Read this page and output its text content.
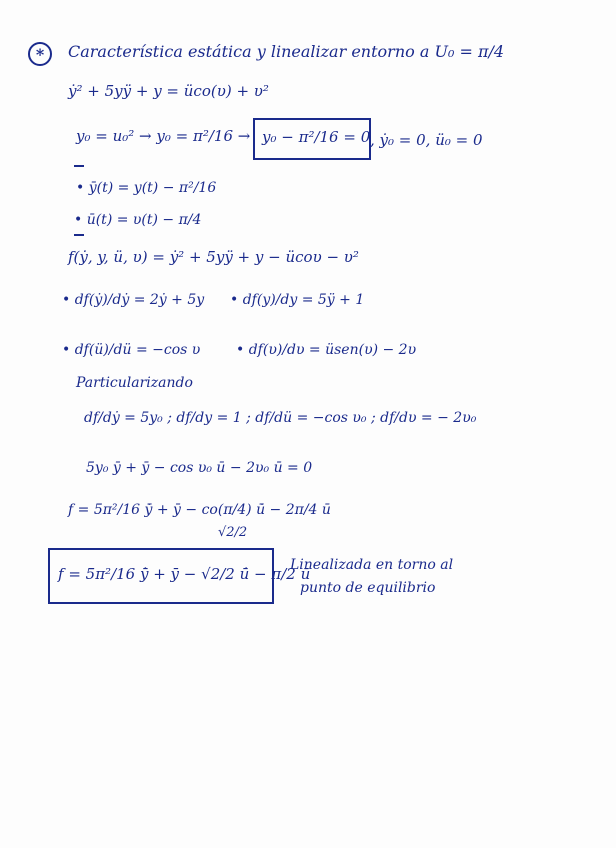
*	Característica estática y linealizar entorno a U₀ = π/4
ẏ² + 5yÿ + y = üco(υ) + υ²
y₀ = u₀² → y₀ = π²/16 → y₀ − π²/16 = 0 , ẏ₀ = 0, ü₀ = 0
• ȳ(t) = y(t) − π²/16
• ū(t) = υ(t) − π/4
f(ẏ, y, ü, υ) = ẏ² + 5yÿ + y − ücoυ − υ²
• df(ẏ)/dẏ = 2ẏ + 5y • df(y)/dy = 5ÿ + 1
• df(ü)/dü = −cos υ	• df(υ)/dυ = üsen(υ) − 2υ
Particularizando
df/dẏ = 5y₀ ; df/dy = 1 ; df/dü = −cos υ₀ ; df/dυ = − 2υ₀
5y₀ ȳ + ȳ − cos υ₀ ū − 2υ₀ ū = 0
f = 5π²/16 ȳ̇ + ȳ − co(π/4) ū̇ − 2π/4 ū
√2/2
f = 5π²/16 ȳ̇ + ȳ − √2/2 ū̇ − π/2 ū
Linealizada en torno al
punto de equilibrio
